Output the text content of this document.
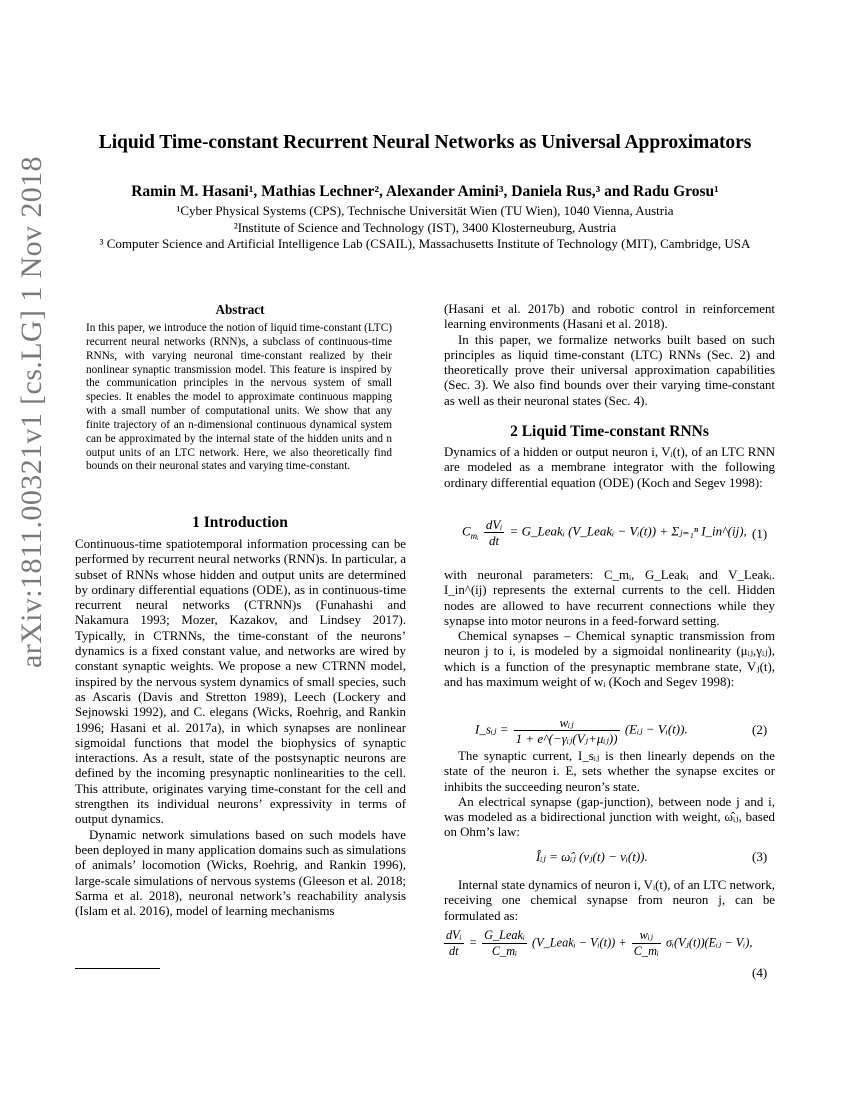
arXiv:1811.00321v1 [cs.LG] 1 Nov 2018
Liquid Time-constant Recurrent Neural Networks as Universal Approximators
Ramin M. Hasani¹, Mathias Lechner², Alexander Amini³, Daniela Rus,³ and Radu Grosu¹
¹Cyber Physical Systems (CPS), Technische Universität Wien (TU Wien), 1040 Vienna, Austria
²Institute of Science and Technology (IST), 3400 Klosterneuburg, Austria
³ Computer Science and Artificial Intelligence Lab (CSAIL), Massachusetts Institute of Technology (MIT), Cambridge, USA
Abstract
In this paper, we introduce the notion of liquid time-constant (LTC) recurrent neural networks (RNN)s, a subclass of continuous-time RNNs, with varying neuronal time-constant realized by their nonlinear synaptic transmission model. This feature is inspired by the communication principles in the nervous system of small species. It enables the model to approximate continuous mapping with a small number of computational units. We show that any finite trajectory of an n-dimensional continuous dynamical system can be approximated by the internal state of the hidden units and n output units of an LTC network. Here, we also theoretically find bounds on their neuronal states and varying time-constant.
1 Introduction

Continuous-time spatiotemporal information processing can be performed by recurrent neural networks (RNN)s. In particular, a subset of RNNs whose hidden and output units are determined by ordinary differential equations (ODE), as in continuous-time recurrent neural networks (CTRNN)s (Funahashi and Nakamura 1993; Mozer, Kazakov, and Lindsey 2017). Typically, in CTRNNs, the time-constant of the neurons’ dynamics is a fixed constant value, and networks are wired by constant synaptic weights. We propose a new CTRNN model, inspired by the nervous system dynamics of small species, such as Ascaris (Davis and Stretton 1989), Leech (Lockery and Sejnowski 1992), and C. elegans (Wicks, Roehrig, and Rankin 1996; Hasani et al. 2017a), in which synapses are nonlinear sigmoidal functions that model the biophysics of synaptic interactions. As a result, state of the postsynaptic neurons are defined by the incoming presynaptic nonlinearities to the cell. This attribute, originates varying time-constant for the cell and strengthen its individual neurons’ expressivity in terms of output dynamics.

Dynamic network simulations based on such models have been deployed in many application domains such as simulations of animals’ locomotion (Wicks, Roehrig, and Rankin 1996), large-scale simulations of nervous systems (Gleeson et al. 2018; Sarma et al. 2018), neuronal network’s reachability analysis (Islam et al. 2016), model of learning mechanisms

(Hasani et al. 2017b) and robotic control in reinforcement learning environments (Hasani et al. 2018).

In this paper, we formalize networks built based on such principles as liquid time-constant (LTC) RNNs (Sec. 2) and theoretically prove their universal approximation capabilities (Sec. 3). We also find bounds over their varying time-constant as well as their neuronal states (Sec. 4).

2 Liquid Time-constant RNNs

Dynamics of a hidden or output neuron i, Vᵢ(t), of an LTC RNN are modeled as a membrane integrator with the following ordinary differential equation (ODE) (Koch and Segev 1998):

$C_{mᵢ} \frac{\text{dVᵢ}}{dt}$ = G_Leakᵢ (V_Leakᵢ − Vᵢ(t)) + Σⱼ₌₁ⁿ I_in^(ij), (1)

with neuronal parameters: C_mᵢ, G_Leakᵢ and V_Leakᵢ. I_in^(ij) represents the external currents to the cell. Hidden nodes are allowed to have recurrent connections while they synapse into motor neurons in a feed-forward setting.

Chemical synapses – Chemical synaptic transmission from neuron j to i, is modeled by a sigmoidal nonlinearity (μᵢⱼ,γᵢⱼ), which is a function of the presynaptic membrane state, Vⱼ(t), and has maximum weight of wᵢ (Koch and Segev 1998):

I_sᵢⱼ = $\frac{\text{wᵢⱼ}}{\text{1 + e\textasciicircum{}(−γᵢⱼ(Vⱼ+μᵢⱼ))}}$ (Eᵢⱼ − Vᵢ(t)).	(2)

The synaptic current, I_sᵢⱼ is then linearly depends on the state of the neuron i. E, sets whether the synapse excites or inhibits the succeeding neuron’s state.

An electrical synapse (gap-junction), between node j and i, was modeled as a bidirectional junction with weight, ω̂ᵢⱼ, based on Ohm’s law:

Îᵢⱼ = ω̂ᵢⱼ (vⱼ(t) − vᵢ(t)).	(3)

Internal state dynamics of neuron i, Vᵢ(t), of an LTC network, receiving one chemical synapse from neuron j, can be formulated as:

$\frac{\text{dVᵢ}}{dt} = \frac{\text{G\_Leakᵢ}}{\text{C\_mᵢ}}$ (V_Leakᵢ − Vᵢ(t)) + $\frac{\text{wᵢⱼ}}{\text{C\_mᵢ}}$ σᵢ(Vⱼ(t))(Eᵢⱼ − Vᵢ),
(4)
